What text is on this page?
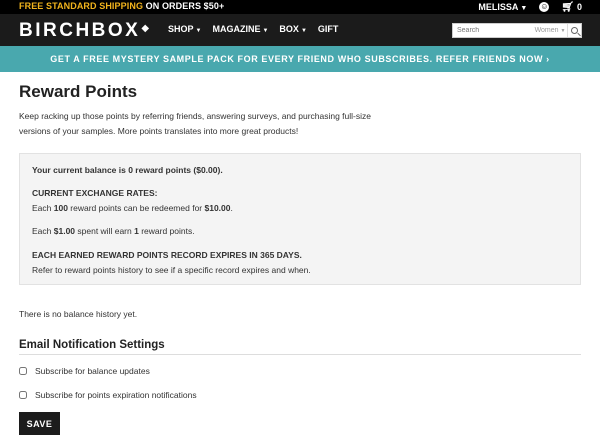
FREE STANDARD SHIPPING ON ORDERS $50+	MELISSA ▼ ☺ 🛒︎ 0
BIRCHBOX◆ SHOP ▼ MAGAZINE ▼ BOX ▼ GIFT
Search	Women ▼
GET A FREE MYSTERY SAMPLE PACK FOR EVERY FRIEND WHO SUBSCRIBES. REFER FRIENDS NOW ›
Reward Points

Keep racking up those points by referring friends, answering surveys, and purchasing full-size versions of your samples. More points translates into more great products!

Your current balance is 0 reward points ($0.00).

CURRENT EXCHANGE RATES:

Each 100 reward points can be redeemed for $10.00.

Each $1.00 spent will earn 1 reward points.

EACH EARNED REWARD POINTS RECORD EXPIRES IN 365 DAYS.

Refer to reward points history to see if a specific record expires and when.

There is no balance history yet.

Email Notification Settings
Subscribe for balance updates
Subscribe for points expiration notifications
SAVE
